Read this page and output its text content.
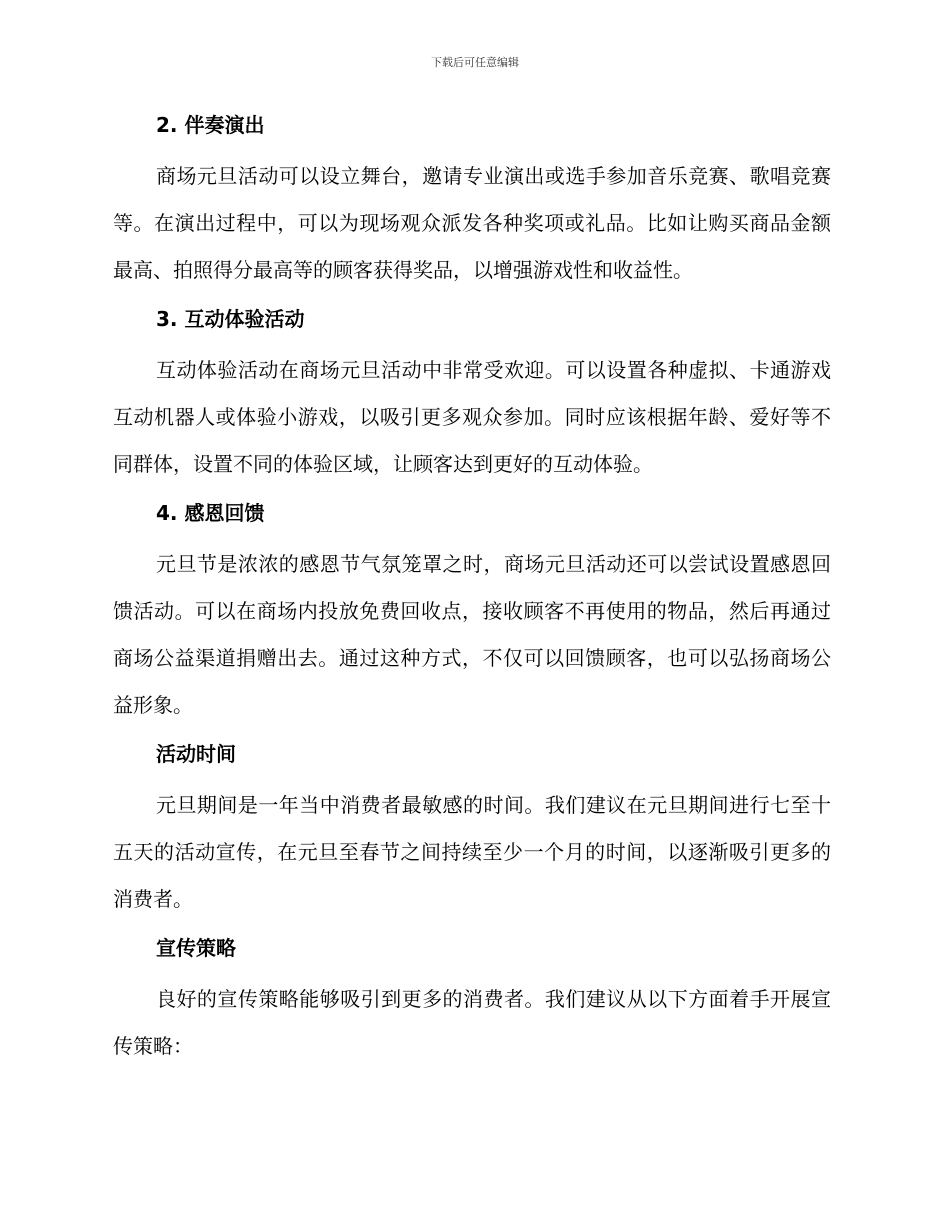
下载后可任意编辑
2. 伴奏演出

商场元旦活动可以设立舞台，邀请专业演出或选手参加音乐竞赛、歌唱竞赛等。在演出过程中，可以为现场观众派发各种奖项或礼品。比如让购买商品金额最高、拍照得分最高等的顾客获得奖品，以增强游戏性和收益性。

3. 互动体验活动

互动体验活动在商场元旦活动中非常受欢迎。可以设置各种虚拟、卡通游戏互动机器人或体验小游戏，以吸引更多观众参加。同时应该根据年龄、爱好等不同群体，设置不同的体验区域，让顾客达到更好的互动体验。

4. 感恩回馈

元旦节是浓浓的感恩节气氛笼罩之时，商场元旦活动还可以尝试设置感恩回馈活动。可以在商场内投放免费回收点，接收顾客不再使用的物品，然后再通过商场公益渠道捐赠出去。通过这种方式，不仅可以回馈顾客，也可以弘扬商场公益形象。

活动时间

元旦期间是一年当中消费者最敏感的时间。我们建议在元旦期间进行七至十五天的活动宣传，在元旦至春节之间持续至少一个月的时间，以逐渐吸引更多的消费者。

宣传策略

良好的宣传策略能够吸引到更多的消费者。我们建议从以下方面着手开展宣传策略：
